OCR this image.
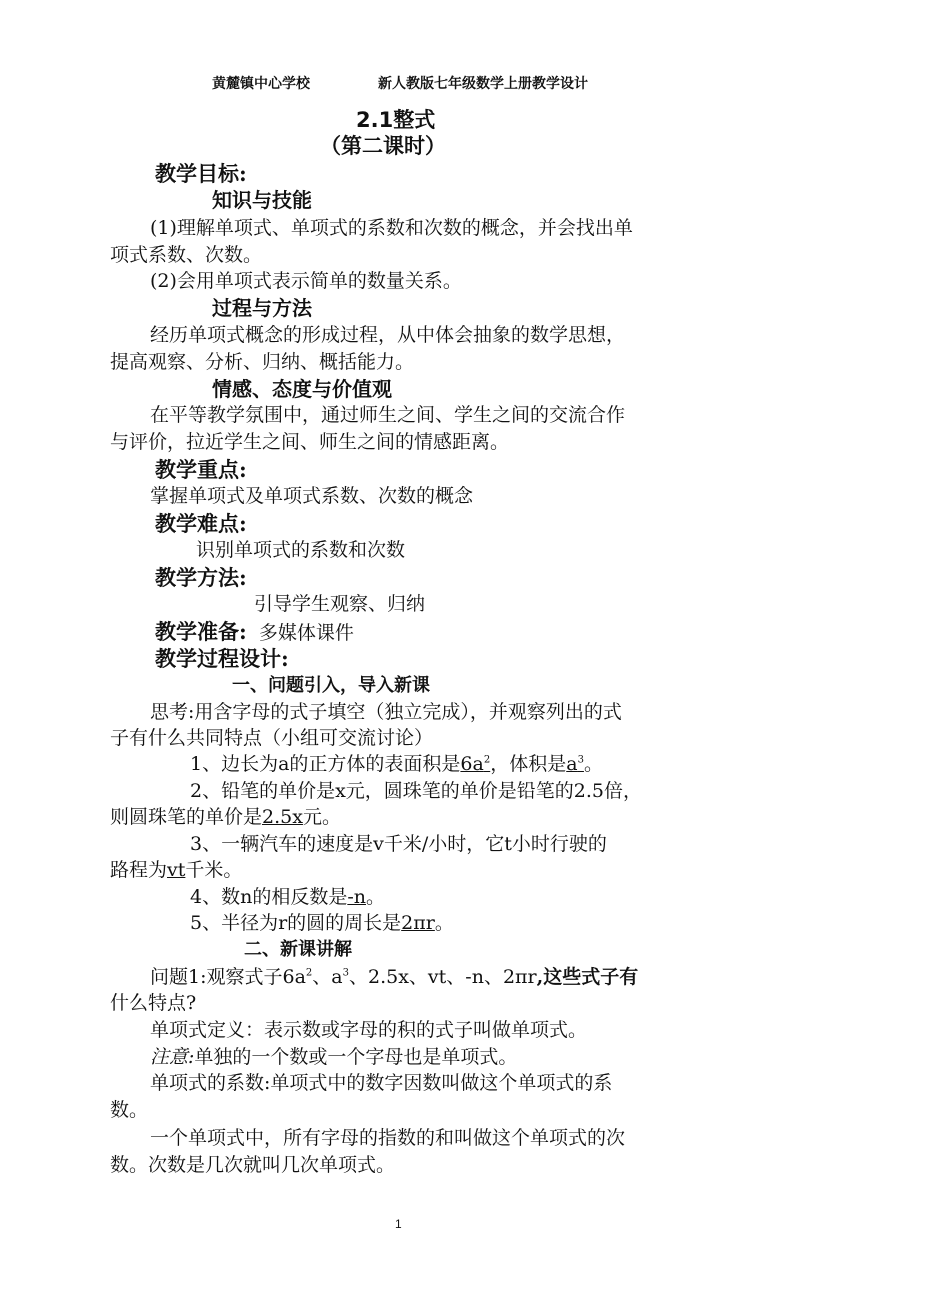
黄麓镇中心学校	新人教版七年级数学上册教学设计
2.1整式
（第二课时）
教学目标:
知识与技能
(1)理解单项式、单项式的系数和次数的概念，并会找出单
项式系数、次数。
(2)会用单项式表示简单的数量关系。
过程与方法
经历单项式概念的形成过程，从中体会抽象的数学思想，
提高观察、分析、归纳、概括能力。
情感、态度与价值观
在平等教学氛围中，通过师生之间、学生之间的交流合作
与评价，拉近学生之间、师生之间的情感距离。
教学重点:
掌握单项式及单项式系数、次数的概念
教学难点:
识别单项式的系数和次数
教学方法:
引导学生观察、归纳
教学准备: 多媒体课件
教学过程设计:
一、问题引入，导入新课
思考:用含字母的式子填空（独立完成），并观察列出的式
子有什么共同特点（小组可交流讨论）
1、边长为a的正方体的表面积是$6a^2$，体积是$a^3$。
2、铅笔的单价是x元，圆珠笔的单价是铅笔的2.5倍，
则圆珠笔的单价是2.5x元。
3、一辆汽车的速度是v千米/小时，它t小时行驶的
路程为vt千米。
4、数n的相反数是-n。
5、半径为r的圆的周长是2πr。
二、新课讲解
问题1:观察式子$6a^2$、$a^3$、2.5x、vt、-n、2πr,这些式子有
什么特点?
单项式定义：表示数或字母的积的式子叫做单项式。
注意:单独的一个数或一个字母也是单项式。
单项式的系数:单项式中的数字因数叫做这个单项式的系
数。
一个单项式中，所有字母的指数的和叫做这个单项式的次
数。次数是几次就叫几次单项式。
1
